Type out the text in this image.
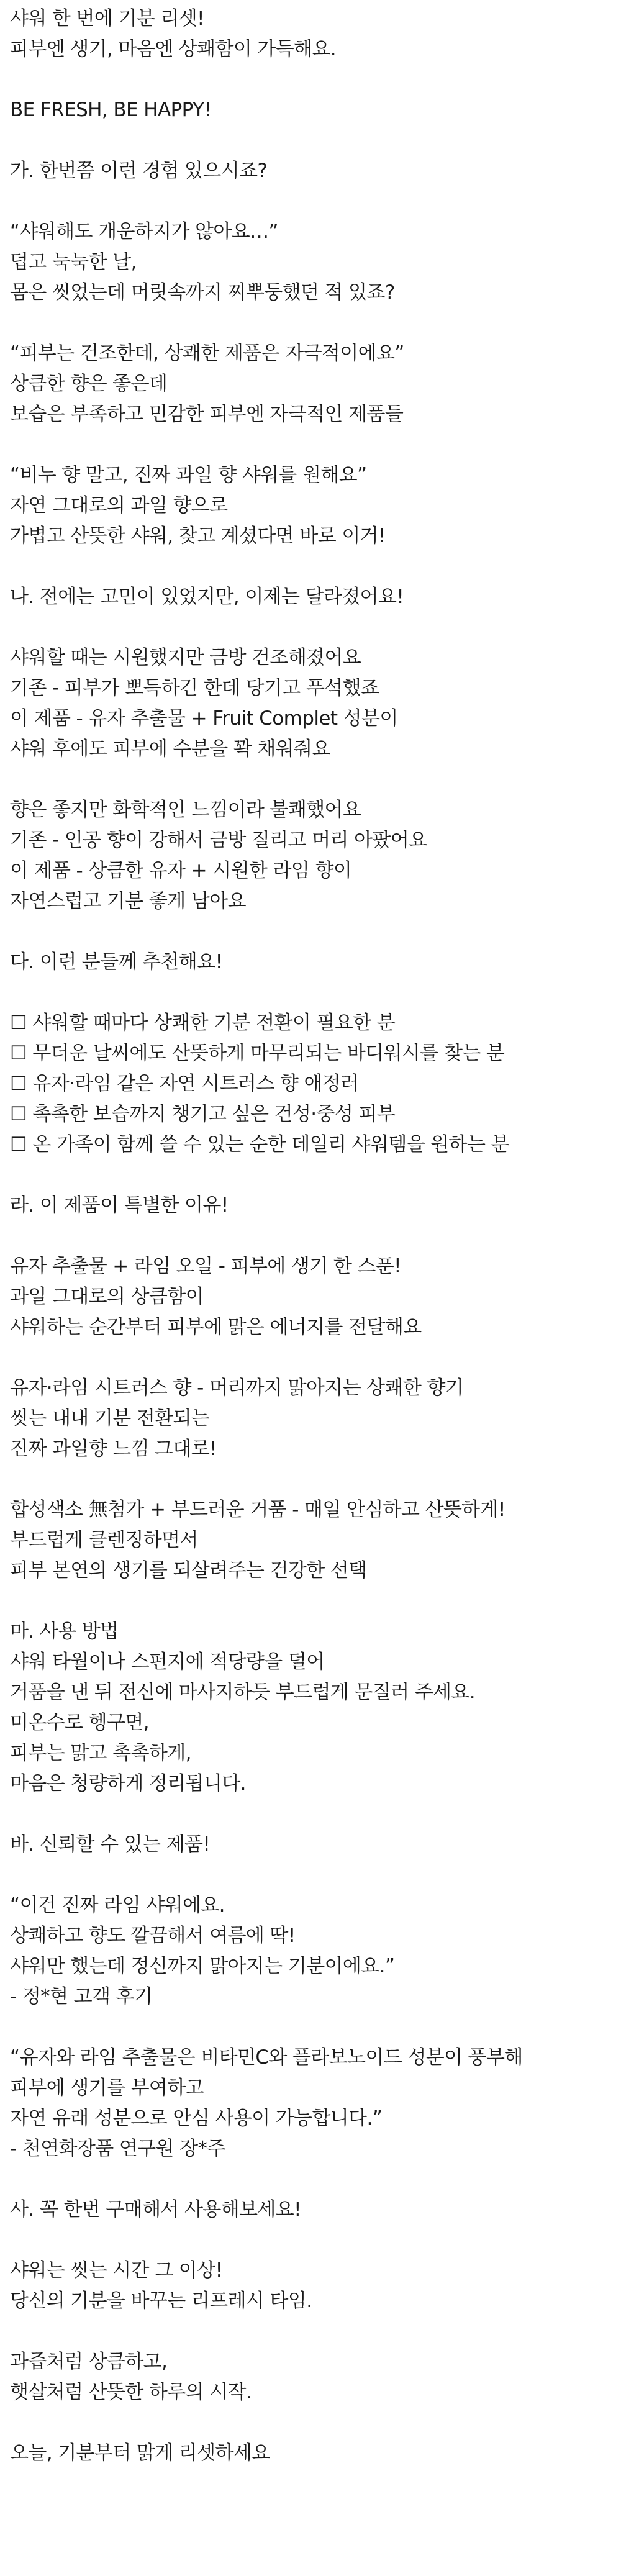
샤워 한 번에 기분 리셋!
피부엔 생기, 마음엔 상쾌함이 가득해요.
BE FRESH, BE HAPPY!
가. 한번쯤 이런 경험 있으시죠?
“샤워해도 개운하지가 않아요…”
덥고 눅눅한 날,
몸은 씻었는데 머릿속까지 찌뿌둥했던 적 있죠?
“피부는 건조한데, 상쾌한 제품은 자극적이에요”
상큼한 향은 좋은데
보습은 부족하고 민감한 피부엔 자극적인 제품들
“비누 향 말고, 진짜 과일 향 샤워를 원해요”
자연 그대로의 과일 향으로
가볍고 산뜻한 샤워, 찾고 계셨다면 바로 이거!
나. 전에는 고민이 있었지만, 이제는 달라졌어요!
샤워할 때는 시원했지만 금방 건조해졌어요
기존 - 피부가 뽀득하긴 한데 당기고 푸석했죠
이 제품 - 유자 추출물 + Fruit Complet 성분이
샤워 후에도 피부에 수분을 꽉 채워줘요
향은 좋지만 화학적인 느낌이라 불쾌했어요
기존 - 인공 향이 강해서 금방 질리고 머리 아팠어요
이 제품 - 상큼한 유자 + 시원한 라임 향이
자연스럽고 기분 좋게 남아요
다. 이런 분들께 추천해요!
☐ 샤워할 때마다 상쾌한 기분 전환이 필요한 분
☐ 무더운 날씨에도 산뜻하게 마무리되는 바디워시를 찾는 분
☐ 유자·라임 같은 자연 시트러스 향 애정러
☐ 촉촉한 보습까지 챙기고 싶은 건성·중성 피부
☐ 온 가족이 함께 쓸 수 있는 순한 데일리 샤워템을 원하는 분
라. 이 제품이 특별한 이유!
유자 추출물 + 라임 오일 - 피부에 생기 한 스푼!
과일 그대로의 상큼함이
샤워하는 순간부터 피부에 맑은 에너지를 전달해요
유자·라임 시트러스 향 - 머리까지 맑아지는 상쾌한 향기
씻는 내내 기분 전환되는
진짜 과일향 느낌 그대로!
합성색소 無첨가 + 부드러운 거품 - 매일 안심하고 산뜻하게!
부드럽게 클렌징하면서
피부 본연의 생기를 되살려주는 건강한 선택
마. 사용 방법
샤워 타월이나 스펀지에 적당량을 덜어
거품을 낸 뒤 전신에 마사지하듯 부드럽게 문질러 주세요.
미온수로 헹구면,
피부는 맑고 촉촉하게,
마음은 청량하게 정리됩니다.
바. 신뢰할 수 있는 제품!
“이건 진짜 라임 샤워에요.
상쾌하고 향도 깔끔해서 여름에 딱!
샤워만 했는데 정신까지 맑아지는 기분이에요.”
- 정*현 고객 후기
“유자와 라임 추출물은 비타민C와 플라보노이드 성분이 풍부해
피부에 생기를 부여하고
자연 유래 성분으로 안심 사용이 가능합니다.”
- 천연화장품 연구원 장*주
사. 꼭 한번 구매해서 사용해보세요!
샤워는 씻는 시간 그 이상!
당신의 기분을 바꾸는 리프레시 타임.
과즙처럼 상큼하고,
햇살처럼 산뜻한 하루의 시작.
오늘, 기분부터 맑게 리셋하세요
